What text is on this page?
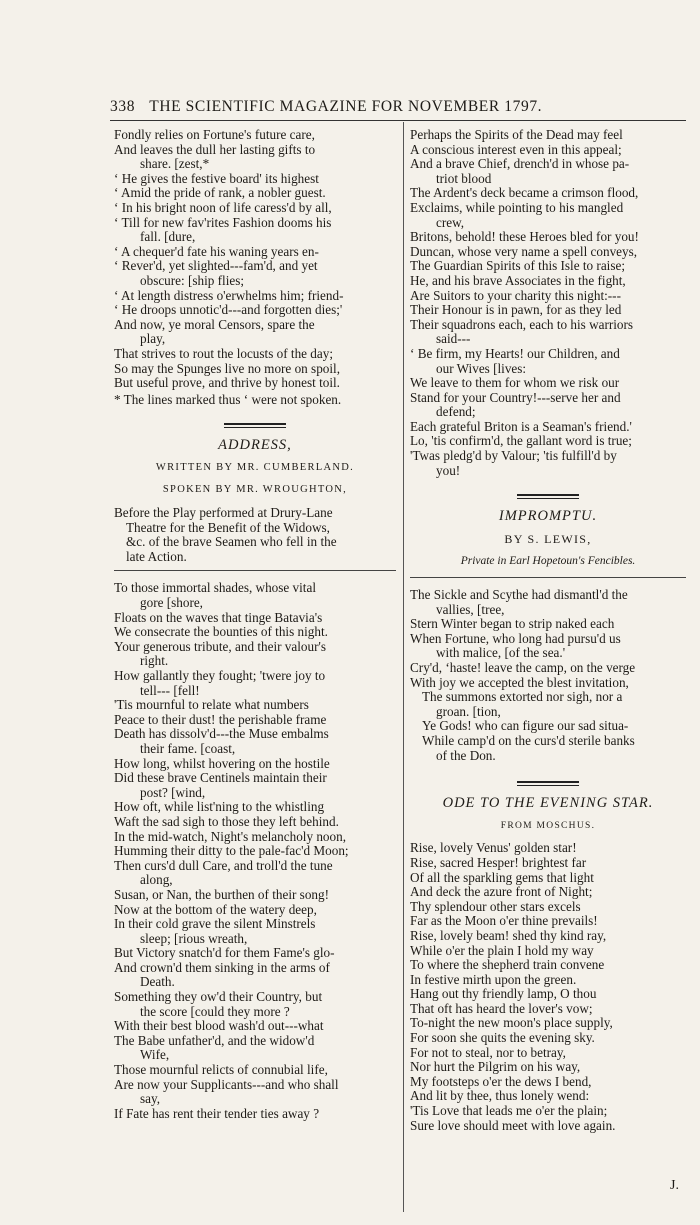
338 THE SCIENTIFIC MAGAZINE FOR NOVEMBER 1797.
Fondly relies on Fortune's future care,
And leaves the dull her lasting gifts to
share. [zest,*
‘ He gives the festive board' its highest
‘ Amid the pride of rank, a nobler guest.
‘ In his bright noon of life caress'd by all,
‘ Till for new fav'rites Fashion dooms his
fall. [dure,
‘ A chequer'd fate his waning years en-
‘ Rever'd, yet slighted---fam'd, and yet
obscure: [ship flies;
‘ At length distress o'erwhelms him; friend-
‘ He droops unnotic'd---and forgotten dies;'
And now, ye moral Censors, spare the
play,
That strives to rout the locusts of the day;
So may the Spunges live no more on spoil,
But useful prove, and thrive by honest toil.
* The lines marked thus ‘ were not spoken.
ADDRESS,
WRITTEN BY MR. CUMBERLAND.
SPOKEN BY MR. WROUGHTON,
Before the Play performed at Drury-Lane
Theatre for the Benefit of the Widows,
&c. of the brave Seamen who fell in the
late Action.
To those immortal shades, whose vital
gore [shore,
Floats on the waves that tinge Batavia's
We consecrate the bounties of this night.
Your generous tribute, and their valour's
right.
How gallantly they fought; 'twere joy to
tell--- [fell!
'Tis mournful to relate what numbers
Peace to their dust! the perishable frame
Death has dissolv'd---the Muse embalms
their fame. [coast,
How long, whilst hovering on the hostile
Did these brave Centinels maintain their
post? [wind,
How oft, while list'ning to the whistling
Waft the sad sigh to those they left behind.
In the mid-watch, Night's melancholy noon,
Humming their ditty to the pale-fac'd Moon;
Then curs'd dull Care, and troll'd the tune
along,
Susan, or Nan, the burthen of their song!
Now at the bottom of the watery deep,
In their cold grave the silent Minstrels
sleep; [rious wreath,
But Victory snatch'd for them Fame's glo-
And crown'd them sinking in the arms of
Death.
Something they ow'd their Country, but
the score [could they more ?
With their best blood wash'd out---what
The Babe unfather'd, and the widow'd
Wife,
Those mournful relicts of connubial life,
Are now your Supplicants---and who shall
say,
If Fate has rent their tender ties away ?
Perhaps the Spirits of the Dead may feel
A conscious interest even in this appeal;
And a brave Chief, drench'd in whose pa-
triot blood
The Ardent's deck became a crimson flood,
Exclaims, while pointing to his mangled
crew,
Britons, behold! these Heroes bled for you!
Duncan, whose very name a spell conveys,
The Guardian Spirits of this Isle to raise;
He, and his brave Associates in the fight,
Are Suitors to your charity this night:---
Their Honour is in pawn, for as they led
Their squadrons each, each to his warriors
said---
‘ Be firm, my Hearts! our Children, and
our Wives [lives:
We leave to them for whom we risk our
Stand for your Country!---serve her and
defend;
Each grateful Briton is a Seaman's friend.'
Lo, 'tis confirm'd, the gallant word is true;
'Twas pledg'd by Valour; 'tis fulfill'd by
you!
IMPROMPTU.
BY S. LEWIS,
Private in Earl Hopetoun's Fencibles.
The Sickle and Scythe had dismantl'd the
vallies, [tree,
Stern Winter began to strip naked each
When Fortune, who long had pursu'd us
with malice, [of the sea.'
Cry'd, ‘haste! leave the camp, on the verge
With joy we accepted the blest invitation,
The summons extorted nor sigh, nor a
groan. [tion,
Ye Gods! who can figure our sad situa-
While camp'd on the curs'd sterile banks
of the Don.
ODE TO THE EVENING STAR.
FROM MOSCHUS.
Rise, lovely Venus' golden star!
Rise, sacred Hesper! brightest far
Of all the sparkling gems that light
And deck the azure front of Night;
Thy splendour other stars excels
Far as the Moon o'er thine prevails!
Rise, lovely beam! shed thy kind ray,
While o'er the plain I hold my way
To where the shepherd train convene
In festive mirth upon the green.
Hang out thy friendly lamp, O thou
That oft has heard the lover's vow;
To-night the new moon's place supply,
For soon she quits the evening sky.
For not to steal, nor to betray,
Nor hurt the Pilgrim on his way,
My footsteps o'er the dews I bend,
And lit by thee, thus lonely wend:
'Tis Love that leads me o'er the plain;
Sure love should meet with love again.
J.
